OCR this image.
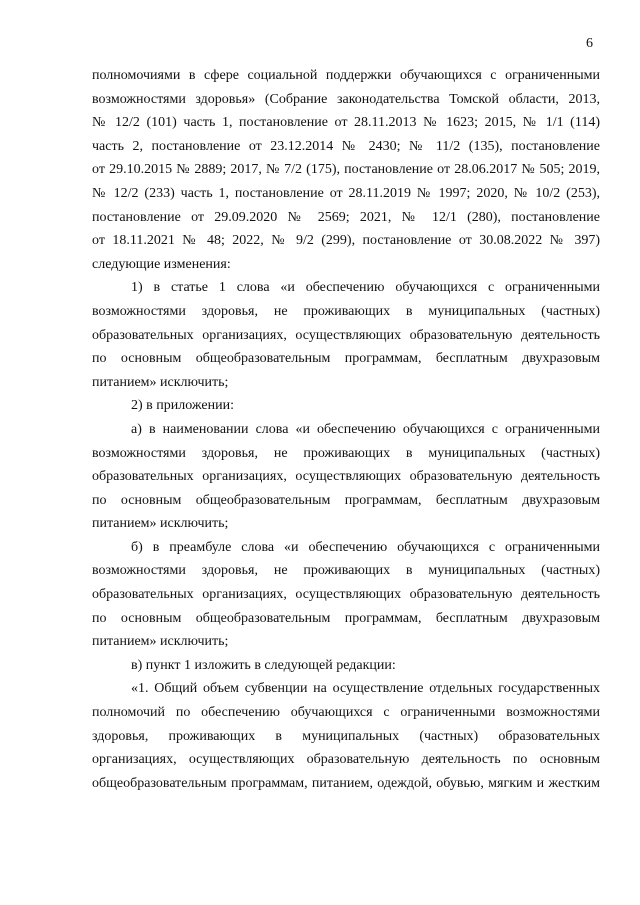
6
полномочиями в сфере социальной поддержки обучающихся с ограниченными
возможностями здоровья» (Собрание законодательства Томской области, 2013,
№ 12/2 (101) часть 1, постановление от 28.11.2013 № 1623; 2015, № 1/1 (114)
часть 2, постановление от 23.12.2014 № 2430; № 11/2 (135), постановление
от 29.10.2015 № 2889; 2017, № 7/2 (175), постановление от 28.06.2017 № 505; 2019,
№ 12/2 (233) часть 1, постановление от 28.11.2019 № 1997; 2020, № 10/2 (253),
постановление от 29.09.2020 № 2569; 2021, № 12/1 (280), постановление
от 18.11.2021 № 48; 2022, № 9/2 (299), постановление от 30.08.2022 № 397)
следующие изменения:
1) в статье 1 слова «и обеспечению обучающихся с ограниченными
возможностями здоровья, не проживающих в муниципальных (частных)
образовательных организациях, осуществляющих образовательную деятельность
по основным общеобразовательным программам, бесплатным двухразовым
питанием» исключить;
2) в приложении:
а) в наименовании слова «и обеспечению обучающихся с ограниченными
возможностями здоровья, не проживающих в муниципальных (частных)
образовательных организациях, осуществляющих образовательную деятельность
по основным общеобразовательным программам, бесплатным двухразовым
питанием» исключить;
б) в преамбуле слова «и обеспечению обучающихся с ограниченными
возможностями здоровья, не проживающих в муниципальных (частных)
образовательных организациях, осуществляющих образовательную деятельность
по основным общеобразовательным программам, бесплатным двухразовым
питанием» исключить;
в) пункт 1 изложить в следующей редакции:
«1. Общий объем субвенции на осуществление отдельных государственных
полномочий по обеспечению обучающихся с ограниченными возможностями
здоровья, проживающих в муниципальных (частных) образовательных
организациях, осуществляющих образовательную деятельность по основным
общеобразовательным программам, питанием, одеждой, обувью, мягким и жестким
